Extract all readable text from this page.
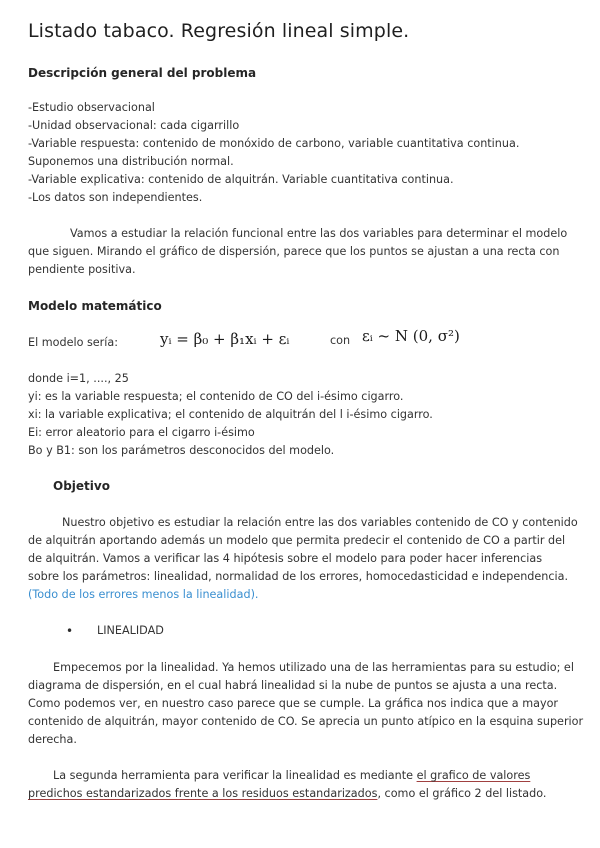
Listado tabaco. Regresión lineal simple.
Descripción general del problema
-Estudio observacional
-Unidad observacional: cada cigarrillo
-Variable respuesta: contenido de monóxido de carbono, variable cuantitativa continua.
Suponemos una distribución normal.
-Variable explicativa: contenido de alquitrán. Variable cuantitativa continua.
-Los datos son independientes.
Vamos a estudiar la relación funcional entre las dos variables para determinar el modelo
que siguen. Mirando el gráfico de dispersión, parece que los puntos se ajustan a una recta con
pendiente positiva.
Modelo matemático
El modelo sería:	yᵢ = β₀ + β₁xᵢ + εᵢ	con εᵢ ~ N (0, σ²)
donde i=1, ...., 25
yi: es la variable respuesta; el contenido de CO del i-ésimo cigarro.
xi: la variable explicativa; el contenido de alquitrán del l i-ésimo cigarro.
Ei: error aleatorio para el cigarro i-ésimo
Bo y B1: son los parámetros desconocidos del modelo.
Objetivo
Nuestro objetivo es estudiar la relación entre las dos variables contenido de CO y contenido
de alquitrán aportando además un modelo que permita predecir el contenido de CO a partir del
de alquitrán. Vamos a verificar las 4 hipótesis sobre el modelo para poder hacer inferencias
sobre los parámetros: linealidad, normalidad de los errores, homocedasticidad e independencia.
(Todo de los errores menos la linealidad).
• LINEALIDAD
Empecemos por la linealidad. Ya hemos utilizado una de las herramientas para su estudio; el
diagrama de dispersión, en el cual habrá linealidad si la nube de puntos se ajusta a una recta.
Como podemos ver, en nuestro caso parece que se cumple. La gráfica nos indica que a mayor
contenido de alquitrán, mayor contenido de CO. Se aprecia un punto atípico en la esquina superior
derecha.
La segunda herramienta para verificar la linealidad es mediante el grafico de valores
predichos estandarizados frente a los residuos estandarizados, como el gráfico 2 del listado.
